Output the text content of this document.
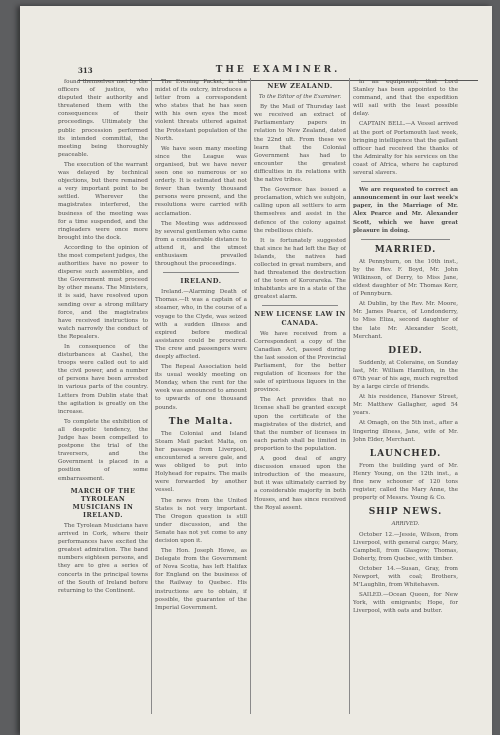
313	THE EXAMINER.

found themselves met by the officers of justice, who disputed their authority and threatened them with the consequences of their proceedings. Ultimately the public procession performed its intended committal, the meeting being thoroughly peaceable.

The execution of the warrant was delayed by technical objections, but there remained a very important point to be settled. Wherever the magistrates interfered, the business of the meeting was for a time suspended, and the ringleaders were once more brought into the dock.

According to the opinion of the most competent judges, the authorities have no power to disperse such assemblies, and the Government must proceed by other means. The Ministers, it is said, have resolved upon sending over a strong military force, and the magistrates have received instructions to watch narrowly the conduct of the Repealers.

In consequence of the disturbances at Cashel, the troops were called out to aid the civil power, and a number of persons have been arrested in various parts of the country. Letters from Dublin state that the agitation is greatly on the increase.

To complete the exhibition of all despotic tendency, the Judge has been compelled to postpone the trial of the traversers, and the Government is placed in a position of some embarrassment.

MARCH OF THE TYROLEAN MUSICIANS IN IRELAND.

The Tyrolean Musicians have arrived in Cork, where their performances have excited the greatest admiration. The band numbers eighteen persons, and they are to give a series of concerts in the principal towns of the South of Ireland before returning to the Continent.

The Evening Packet, in the midst of its outcry, introduces a letter from a correspondent who states that he has seen with his own eyes the most violent threats uttered against the Protestant population of the North.

We have seen many meeting since the League was organised, but we have never seen one so numerous or so orderly. It is estimated that not fewer than twenty thousand persons were present, and the resolutions were carried with acclamation.

The Meeting was addressed by several gentlemen who came from a considerable distance to attend it, and the utmost enthusiasm prevailed throughout the proceedings.

IRELAND.

Ireland.—Alarming Death of Thomas.—It was a captain of a steamer, who, in the course of a voyage to the Clyde, was seized with a sudden illness and expired before medical assistance could be procured. The crew and passengers were deeply affected.

The Repeal Association held its usual weekly meeting on Monday, when the rent for the week was announced to amount to upwards of one thousand pounds.

The Malta.

The Colonial and Island Steam Mail packet Malta, on her passage from Liverpool, encountered a severe gale, and was obliged to put into Holyhead for repairs. The mails were forwarded by another vessel.

The news from the United States is not very important. The Oregon question is still under discussion, and the Senate has not yet come to any decision upon it.

The Hon. Joseph Howe, as Delegate from the Government of Nova Scotia, has left Halifax for England on the business of the Railway to Quebec. His instructions are to obtain, if possible, the guarantee of the Imperial Government.

NEW ZEALAND.
To the Editor of the Examiner.

By the Mail of Thursday last we received an extract of Parliamentary papers in relation to New Zealand, dated the 22nd ult. From these we learn that the Colonial Government has had to encounter the greatest difficulties in its relations with the native tribes.

The Governor has issued a proclamation, which we subjoin, calling upon all settlers to arm themselves and assist in the defence of the colony against the rebellious chiefs.

It is fortunately suggested that since he had left the Bay of Islands, the natives had collected in great numbers, and had threatened the destruction of the town of Kororareka. The inhabitants are in a state of the greatest alarm.

NEW LICENSE LAW IN CANADA.

We have received from a Correspondent a copy of the Canadian Act, passed during the last session of the Provincial Parliament, for the better regulation of licenses for the sale of spirituous liquors in the province.

The Act provides that no license shall be granted except upon the certificate of the magistrates of the district, and that the number of licenses in each parish shall be limited in proportion to the population.

A good deal of angry discussion ensued upon the introduction of the measure, but it was ultimately carried by a considerable majority in both Houses, and has since received the Royal assent.

in an equipment; that Lord Stanley has been appointed to the command, and that the expedition will sail with the least possible delay.

CAPTAIN BELL.—A Vessel arrived at the port of Portsmouth last week, bringing intelligence that the gallant officer had received the thanks of the Admiralty for his services on the coast of Africa, where he captured several slavers.

We are requested to correct an announcement in our last week's paper, in the Marriage of Mr. Alex Pearce and Mr. Alexander Scott, which we have great pleasure in doing.

MARRIED.

At Pennyburn, on the 10th inst., by the Rev. F. Boyd, Mr. John Wilkinson, of Derry, to Miss Jane, eldest daughter of Mr. Thomas Kerr, of Pennyburn.

At Dublin, by the Rev. Mr. Moore, Mr. James Pearce, of Londonderry, to Miss Eliza, second daughter of the late Mr. Alexander Scott, Merchant.

DIED.

Suddenly, at Coleraine, on Sunday last, Mr. William Hamilton, in the 67th year of his age, much regretted by a large circle of friends.

At his residence, Hanover Street, Mr. Matthew Gallagher, aged 54 years.

At Omagh, on the 5th inst., after a lingering illness, Jane, wife of Mr. John Elder, Merchant.

LAUNCHED.

From the building yard of Mr. Henry Young, on the 12th inst., a fine new schooner of 120 tons register, called the Mary Anne, the property of Messrs. Young & Co.

SHIP NEWS.
ARRIVED.

October 12.—Jessie, Wilson, from Liverpool, with general cargo; Mary, Campbell, from Glasgow; Thomas, Doherty, from Quebec, with timber.

October 14.—Susan, Gray, from Newport, with coal; Brothers, M'Laughlin, from Whitehaven.

SAILED.—Ocean Queen, for New York, with emigrants; Hope, for Liverpool, with oats and butter.
